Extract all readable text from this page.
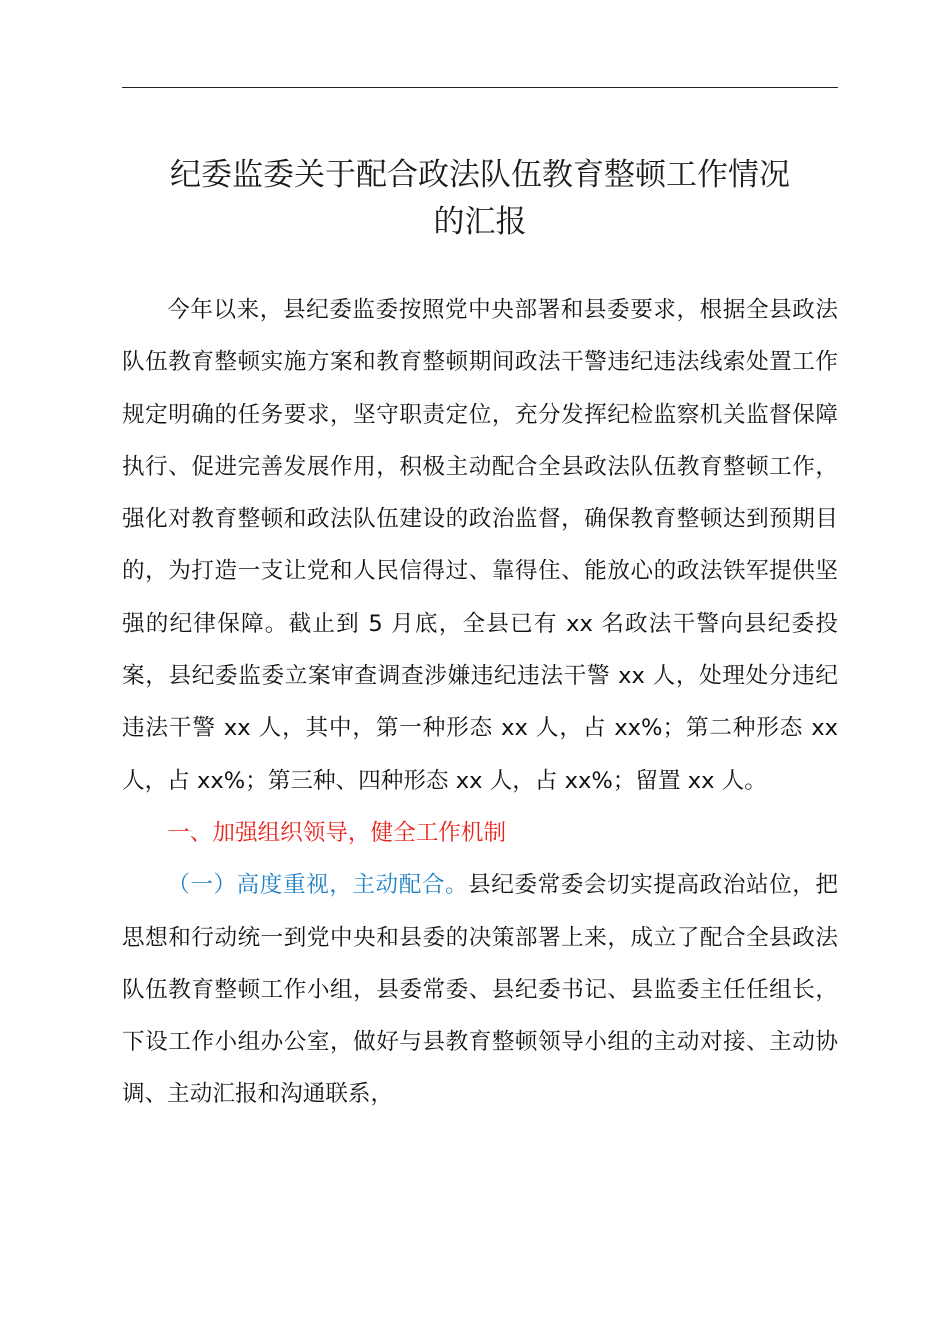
纪委监委关于配合政法队伍教育整顿工作情况
的汇报

今年以来，县纪委监委按照党中央部署和县委要求，根据全县政法队伍教育整顿实施方案和教育整顿期间政法干警违纪违法线索处置工作规定明确的任务要求，坚守职责定位，充分发挥纪检监察机关监督保障执行、促进完善发展作用，积极主动配合全县政法队伍教育整顿工作，强化对教育整顿和政法队伍建设的政治监督，确保教育整顿达到预期目的，为打造一支让党和人民信得过、靠得住、能放心的政法铁军提供坚强的纪律保障。截止到 5 月底，全县已有 xx 名政法干警向县纪委投案，县纪委监委立案审查调查涉嫌违纪违法干警 xx 人，处理处分违纪违法干警 xx 人，其中，第一种形态 xx 人，占 xx%；第二种形态 xx 人，占 xx%；第三种、四种形态 xx 人，占 xx%；留置 xx 人。

一、加强组织领导，健全工作机制

（一）高度重视，主动配合。县纪委常委会切实提高政治站位，把思想和行动统一到党中央和县委的决策部署上来，成立了配合全县政法队伍教育整顿工作小组，县委常委、县纪委书记、县监委主任任组长，下设工作小组办公室，做好与县教育整顿领导小组的主动对接、主动协调、主动汇报和沟通联系，
